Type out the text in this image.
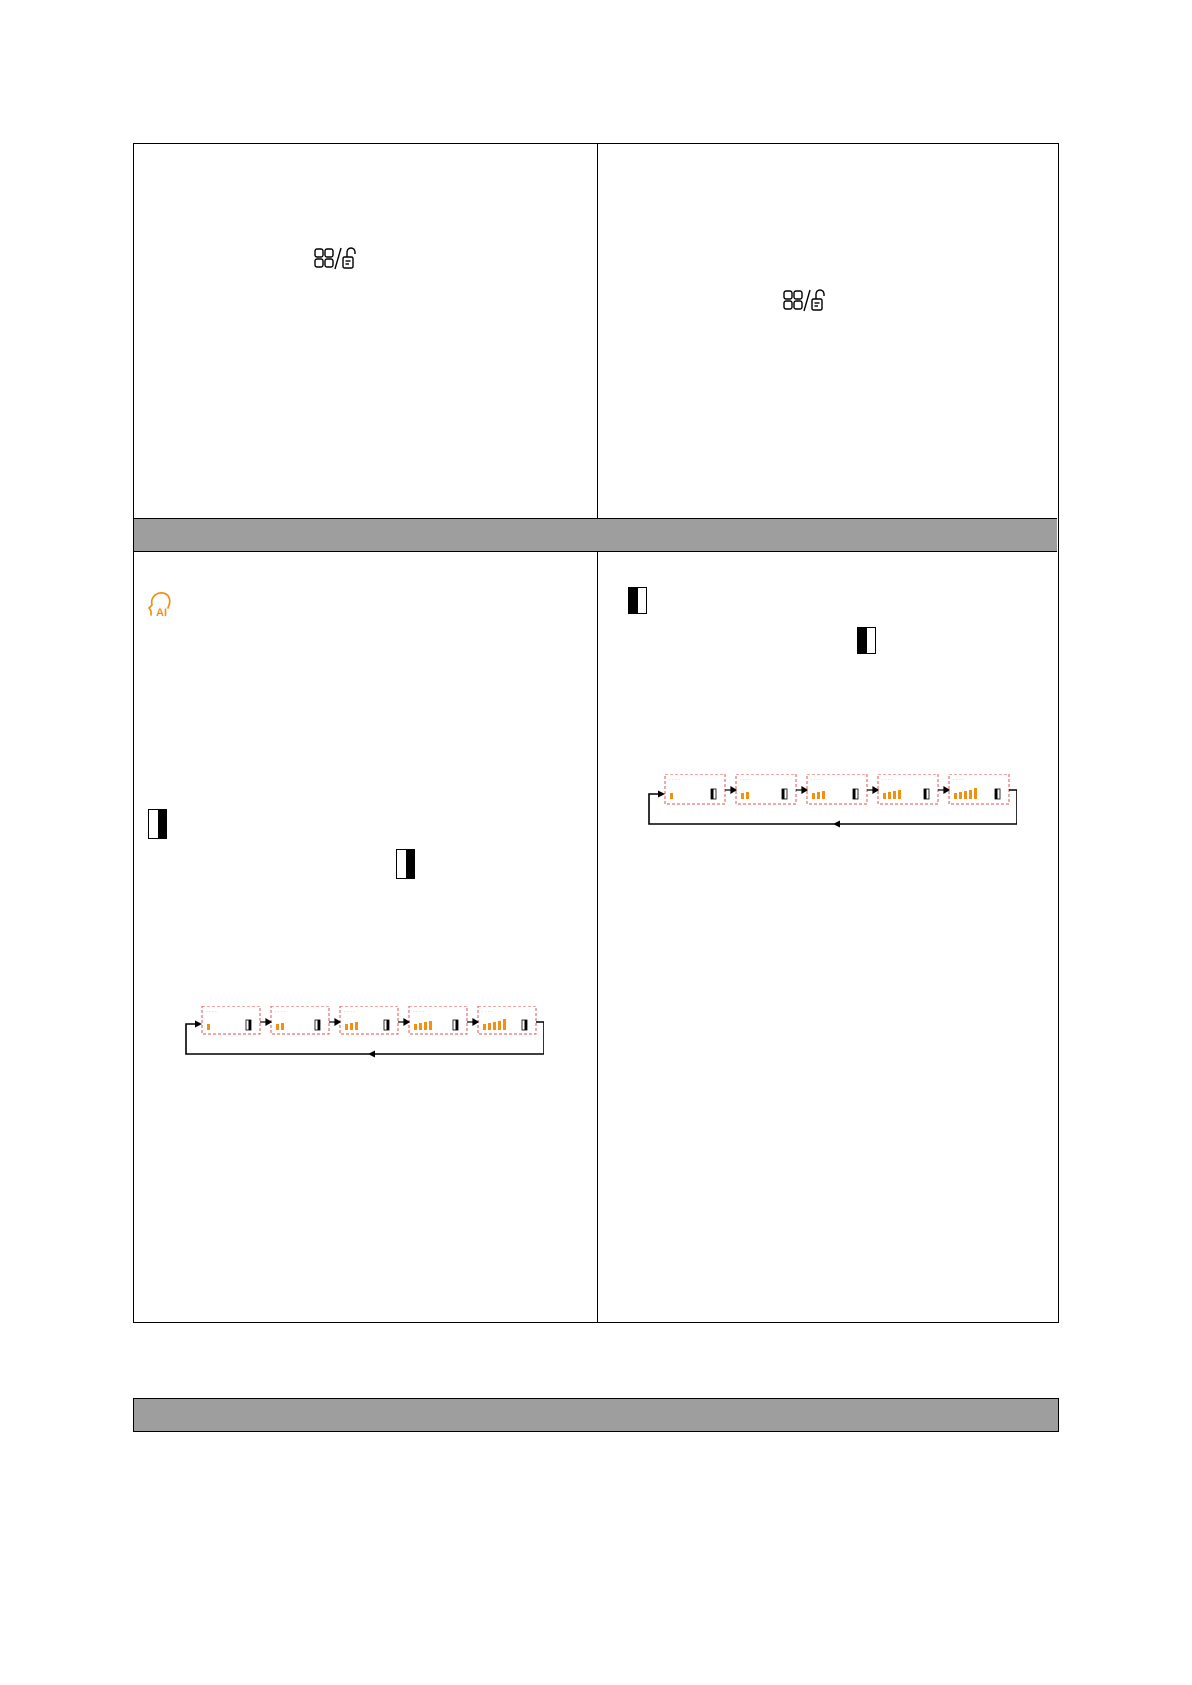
AI
· · · ·	· · · ·	· · · ·	· · · ·	· · · ·
· · · ·	· · · ·	· · · ·	· · · ·	· · · ·
